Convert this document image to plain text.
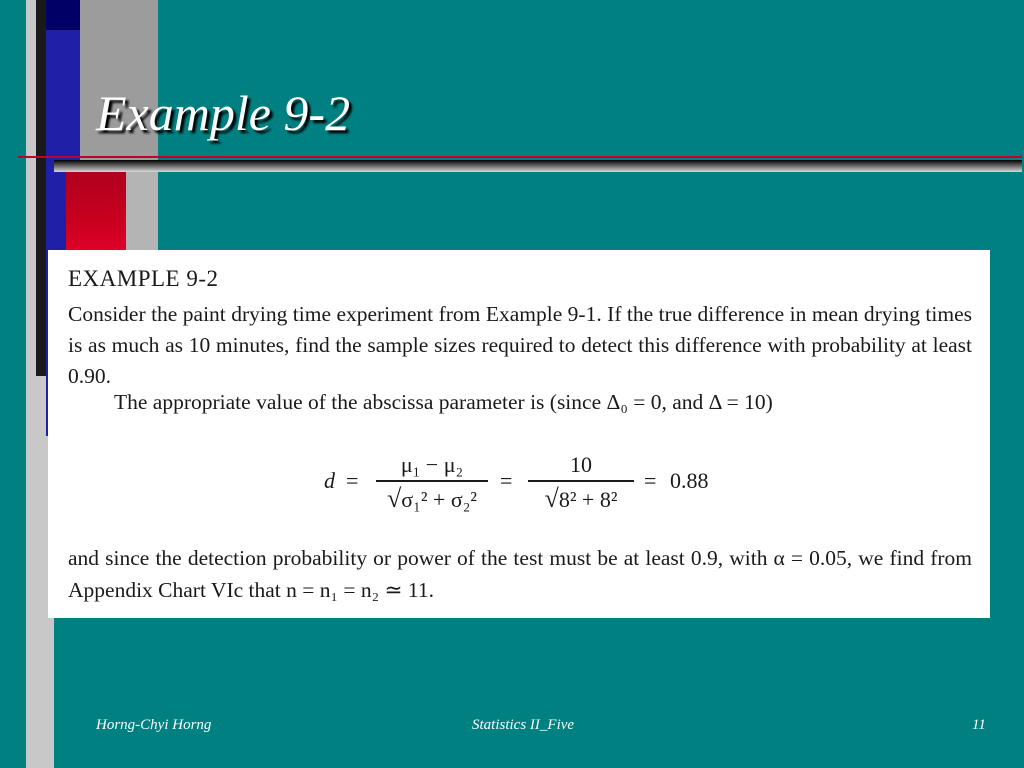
Example 9-2
EXAMPLE 9-2
Consider the paint drying time experiment from Example 9-1. If the true difference in mean drying times is as much as 10 minutes, find the sample sizes required to detect this difference with probability at least 0.90.
The appropriate value of the abscissa parameter is (since Δ₀ = 0, and Δ = 10)
d =
μ₁ − μ₂
√σ₁² + σ₂²
=
10
√8² + 8²
= 0.88
and since the detection probability or power of the test must be at least 0.9, with α = 0.05, we find from Appendix Chart VIc that n = n₁ = n₂ ≃ 11.
Horng-Chyi Horng	Statistics II_Five	11
